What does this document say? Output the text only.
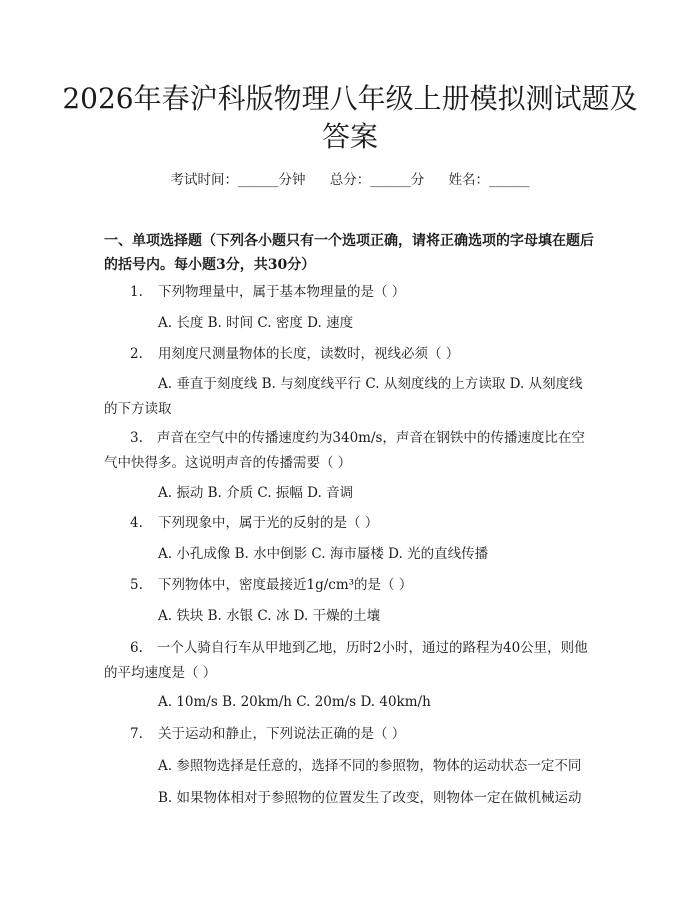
2026年春沪科版物理八年级上册模拟测试题及答案
考试时间：______分钟 总分：______分 姓名：______

一、单项选择题（下列各小题只有一个选项正确，请将正确选项的字母填在题后的括号内。每小题3分，共30分）

1. 下列物理量中，属于基本物理量的是（ ）
A. 长度 B. 时间 C. 密度 D. 速度
2. 用刻度尺测量物体的长度，读数时，视线必须（ ）

A. 垂直于刻度线 B. 与刻度线平行 C. 从刻度线的上方读取 D. 从刻度线的下方读取

3. 声音在空气中的传播速度约为340m/s，声音在钢铁中的传播速度比在空气中快得多。这说明声音的传播需要（ ）

A. 振动 B. 介质 C. 振幅 D. 音调
4. 下列现象中，属于光的反射的是（ ）
A. 小孔成像 B. 水中倒影 C. 海市蜃楼 D. 光的直线传播
5. 下列物体中，密度最接近1g/cm³的是（ ）
A. 铁块 B. 水银 C. 冰 D. 干燥的土壤

6. 一个人骑自行车从甲地到乙地，历时2小时，通过的路程为40公里，则他的平均速度是（ ）

A. 10m/s B. 20km/h C. 20m/s D. 40km/h
7. 关于运动和静止，下列说法正确的是（ ）
A. 参照物选择是任意的，选择不同的参照物，物体的运动状态一定不同
B. 如果物体相对于参照物的位置发生了改变，则物体一定在做机械运动
